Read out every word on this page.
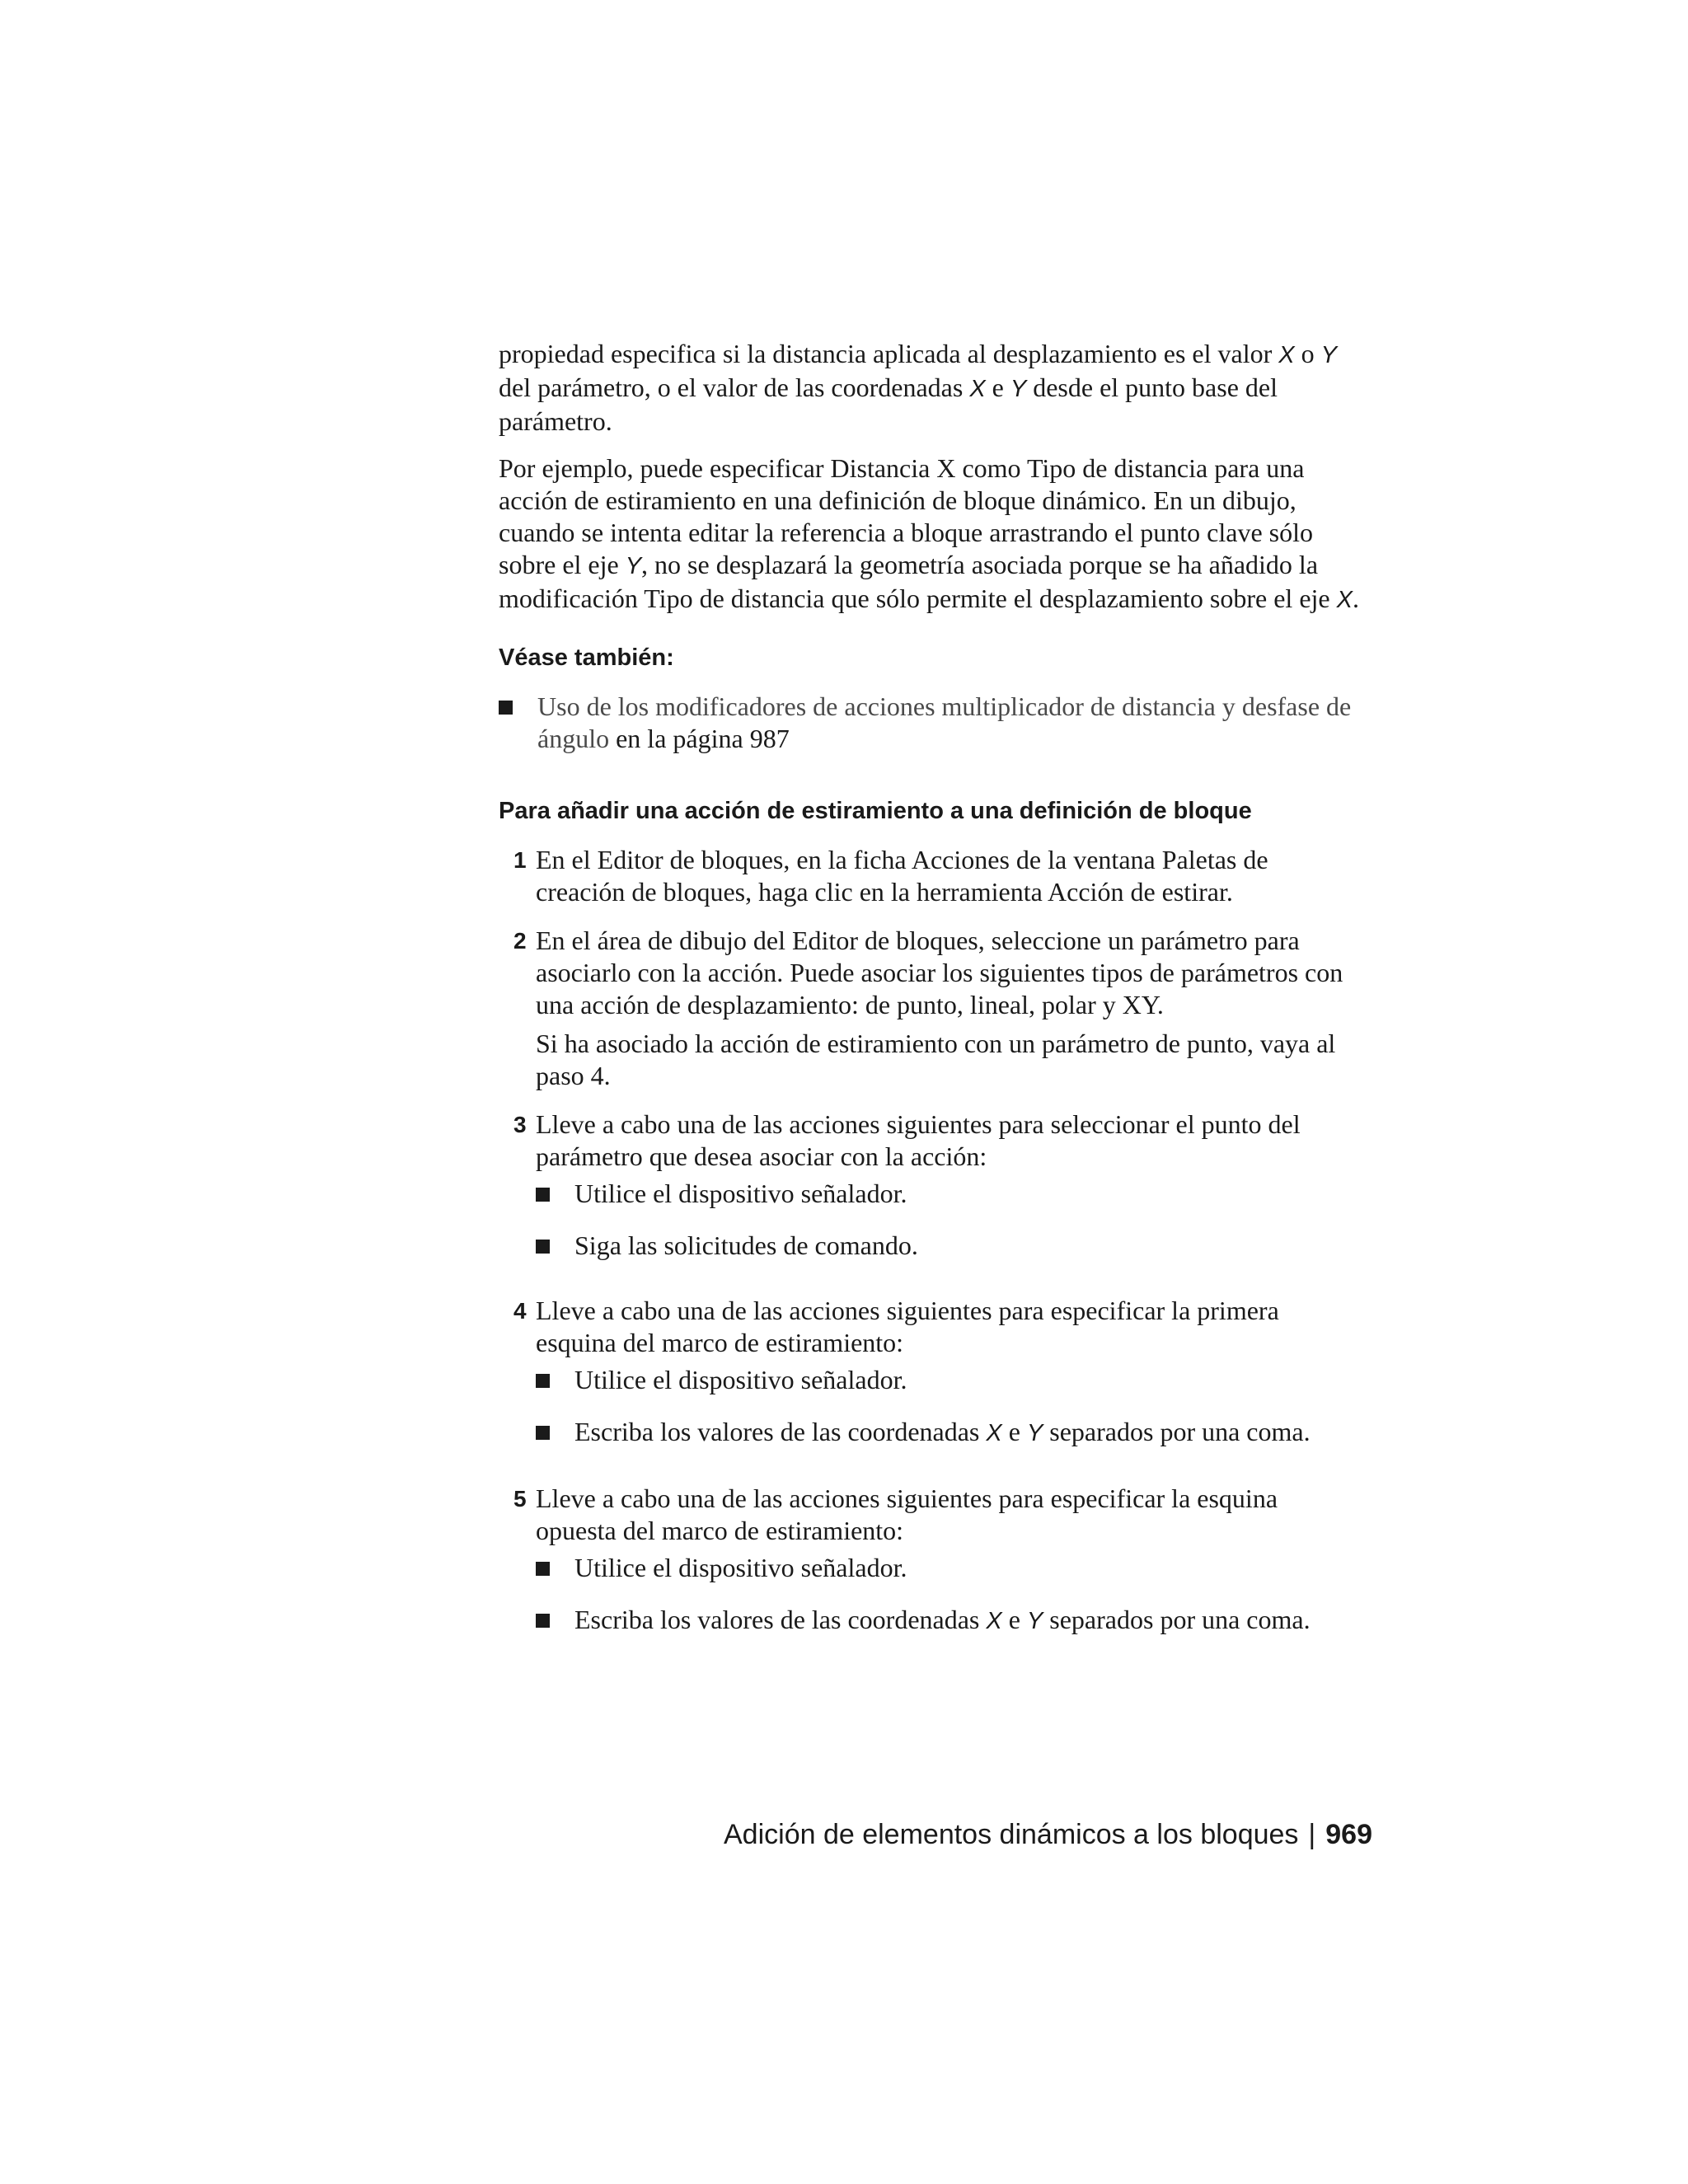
propiedad especifica si la distancia aplicada al desplazamiento es el valor X o Y del parámetro, o el valor de las coordenadas X e Y desde el punto base del parámetro.

Por ejemplo, puede especificar Distancia X como Tipo de distancia para una acción de estiramiento en una definición de bloque dinámico. En un dibujo, cuando se intenta editar la referencia a bloque arrastrando el punto clave sólo sobre el eje Y, no se desplazará la geometría asociada porque se ha añadido la modificación Tipo de distancia que sólo permite el desplazamiento sobre el eje X.

Véase también:
Uso de los modificadores de acciones multiplicador de distancia y desfase de ángulo en la página 987
Para añadir una acción de estiramiento a una definición de bloque
1 En el Editor de bloques, en la ficha Acciones de la ventana Paletas de creación de bloques, haga clic en la herramienta Acción de estirar.

2 En el área de dibujo del Editor de bloques, seleccione un parámetro para asociarlo con la acción. Puede asociar los siguientes tipos de parámetros con una acción de desplazamiento: de punto, lineal, polar y XY.

Si ha asociado la acción de estiramiento con un parámetro de punto, vaya al paso 4.

3 Lleve a cabo una de las acciones siguientes para seleccionar el punto del parámetro que desea asociar con la acción:

Utilice el dispositivo señalador.
Siga las solicitudes de comando.
4 Lleve a cabo una de las acciones siguientes para especificar la primera esquina del marco de estiramiento:

Utilice el dispositivo señalador.
Escriba los valores de las coordenadas X e Y separados por una coma.
5 Lleve a cabo una de las acciones siguientes para especificar la esquina opuesta del marco de estiramiento:

Utilice el dispositivo señalador.
Escriba los valores de las coordenadas X e Y separados por una coma.
Adición de elementos dinámicos a los bloques | 969
